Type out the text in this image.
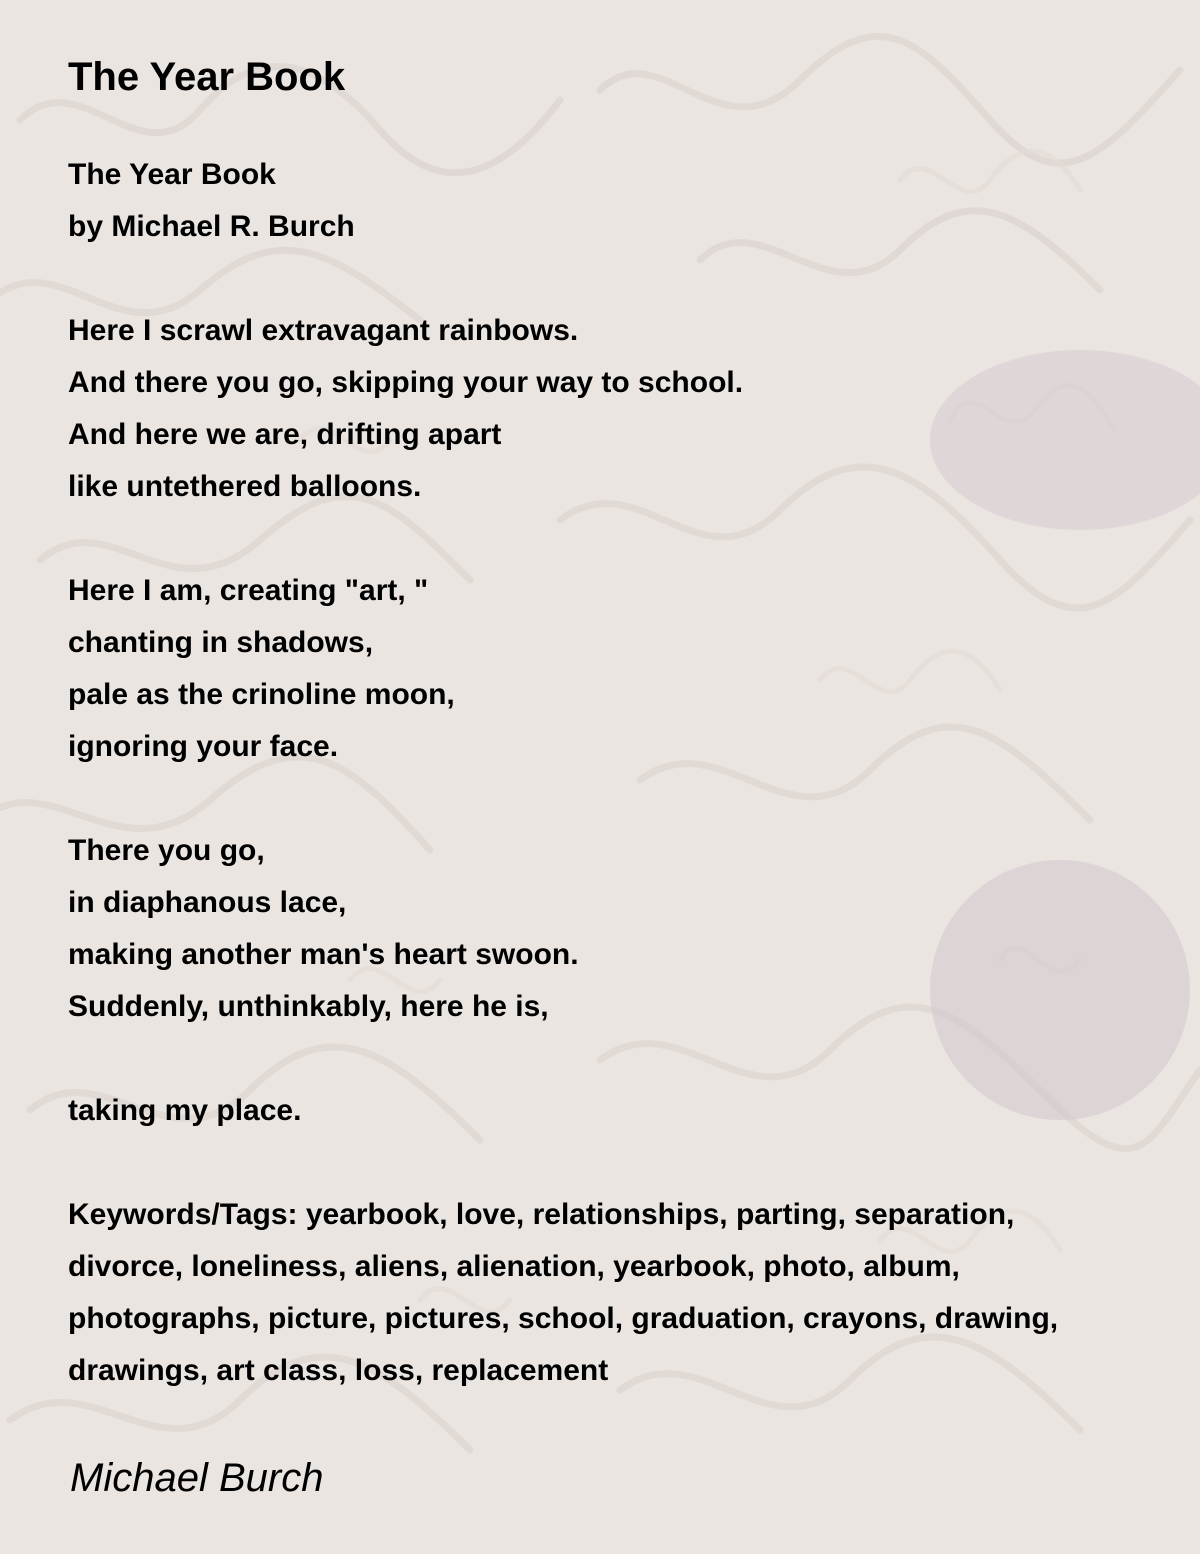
The Year Book
The Year Book
by Michael R. Burch
Here I scrawl extravagant rainbows.
And there you go, skipping your way to school.
And here we are, drifting apart
like untethered balloons.
Here I am, creating "art, "
chanting in shadows,
pale as the crinoline moon,
ignoring your face.
There you go,
in diaphanous lace,
making another man's heart swoon.
Suddenly, unthinkably, here he is,
taking my place.
Keywords/Tags: yearbook, love, relationships, parting, separation,
divorce, loneliness, aliens, alienation, yearbook, photo, album,
photographs, picture, pictures, school, graduation, crayons, drawing,
drawings, art class, loss, replacement
Michael Burch
